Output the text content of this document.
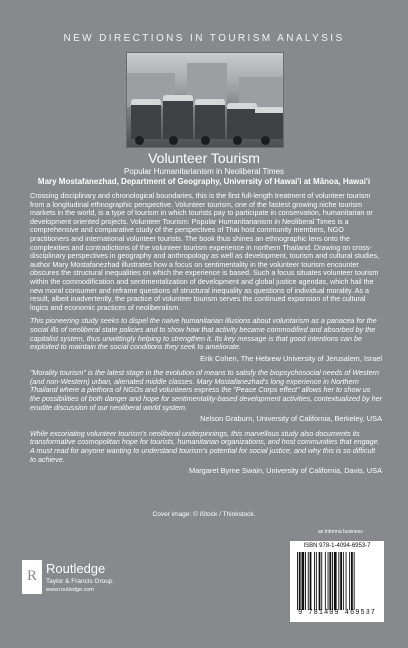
NEW DIRECTIONS IN TOURISM ANALYSIS
Volunteer Tourism
Popular Humanitarianism in Neoliberal Times
Mary Mostafanezhad, Department of Geography, University of Hawai'i at Mānoa, Hawai'i

Crossing disciplinary and chronological boundaries, this is the first full-length treatment of volunteer tourism from a longitudinal ethnographic perspective. Volunteer tourism, one of the fastest growing niche tourism markets in the world, is a type of tourism in which tourists pay to participate in conservation, humanitarian or development oriented projects. Volunteer Tourism: Popular Humanitarianism in Neoliberal Times is a comprehensive and comparative study of the perspectives of Thai host community members, NGO practitioners and international volunteer tourists. The book thus shines an ethnographic lens onto the complexities and contradictions of the volunteer tourism experience in northern Thailand. Drawing on cross-disciplinary perspectives in geography and anthropology as well as development, tourism and cultural studies, author Mary Mostafanezhad illustrates how a focus on sentimentality in the volunteer tourism encounter obscures the structural inequalities on which the experience is based. Such a focus situates volunteer tourism within the commodification and sentimentalization of development and global justice agendas, which hail the new moral consumer and reframe questions of structural inequality as questions of individual morality. As a result, albeit inadvertently, the practice of volunteer tourism serves the continued expansion of the cultural logics and economic practices of neoliberalism.

This pioneering study seeks to dispel the naïve humanitarian illusions about voluntarism as a panacea for the social ills of neoliberal state policies and to show how that activity became commodified and absorbed by the capitalist system, thus unwittingly helping to strengthen it. Its key message is that good intentions can be exploited to maintain the social conditions they seek to ameliorate.

Erik Cohen, The Hebrew University of Jerusalem, Israel

"Morality tourism" is the latest stage in the evolution of means to satisfy the biopsychosocial needs of Western (and non-Western) urban, alienated middle classes. Mary Mostafanezhad's long experience in Northern Thailand where a plethora of NGOs and volunteers express the "Peace Corps effect" allows her to show us the possibilities of both danger and hope for sentimentality-based development activities, contextualized by her erudite discussion of our neoliberal world system.

Nelson Graburn, University of California, Berkeley, USA

While excoriating volunteer tourism's neoliberal underpinnings, this marvellous study also documents its transformative cosmopolitan hope for tourists, humanitarian organizations, and host communities that engage. A must read for anyone wanting to understand tourism's potential for social justice, and why this is so difficult to achieve.

Margaret Byrne Swain, University of California, Davis, USA

Cover image: © iStock / Thinkstock.
R Routledge
Taylor & Francis Group
www.routledge.com
an informa business
ISBN 978-1-4094-6953-7
9 781409 469537
